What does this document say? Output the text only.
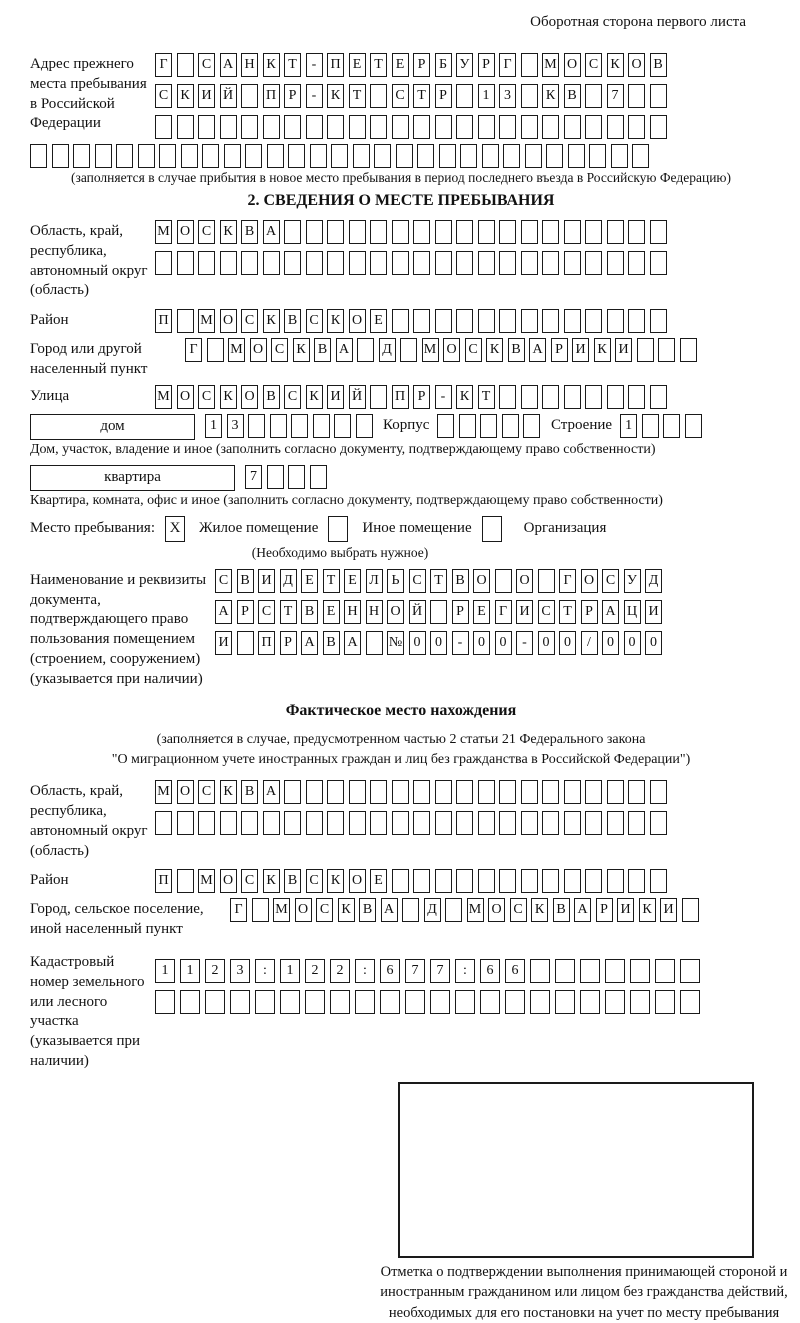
Оборотная сторона первого листа
Адрес прежнего места пребывания в Российской Федерации
Г	С А Н К Т	-	П Е Т Е Р Б У Р Г	М О С К О В
С К И Й П Р	-	К Т	С Т Р	1	3	К В	7
(заполняется в случае прибытия в новое место пребывания в период последнего въезда в Российскую Федерацию)
2. СВЕДЕНИЯ О МЕСТЕ ПРЕБЫВАНИЯ
Область, край, республика, автономный округ (область)
М О С К В А
Район	П М О С К В С К О Е
Город или другой населенный пункт
Г	М О С К В А Д М О С К В А Р И К И
Улица	М О С К О В С К И Й П Р	-	К Т
дом	1	3	Корпус	Строение 1
Дом, участок, владение и иное (заполнить согласно документу, подтверждающему право собственности)
квартира	7
Квартира, комната, офис и иное (заполнить согласно документу, подтверждающему право собственности)
Место пребывания: X	Жилое помещение	Иное помещение	Организация
(Необходимо выбрать нужное)
Наименование и реквизиты документа, подтверждающего право пользования помещением (строением, сооружением) (указывается при наличии)
С В И Д Е Т Е Л Ь С Т В О О	Г О С У Д
А Р С Т В Е Н Н О Й	Р Е Г И С Т Р А Ц И
И П Р А В А № 0	0	-	0	0	-	0	0	/	0	0	0
Фактическое место нахождения
(заполняется в случае, предусмотренном частью 2 статьи 21 Федерального закона
"О миграционном учете иностранных граждан и лиц без гражданства в Российской Федерации")
Область, край, республика, автономный округ (область)
М О С К В А
Район	П М О С К В С К О Е
Город, сельское поселение, иной населенный пункт
Г	М О С К В А Д М О С К В А Р И К И
Кадастровый номер земельного или лесного участка (указывается при наличии)
1	1	2	3	:	1	2	2	:	6	7	7	:	6	6
Отметка о подтверждении выполнения принимающей стороной и иностранным гражданином или лицом без гражданства действий, необходимых для его постановки на учет по месту пребывания
